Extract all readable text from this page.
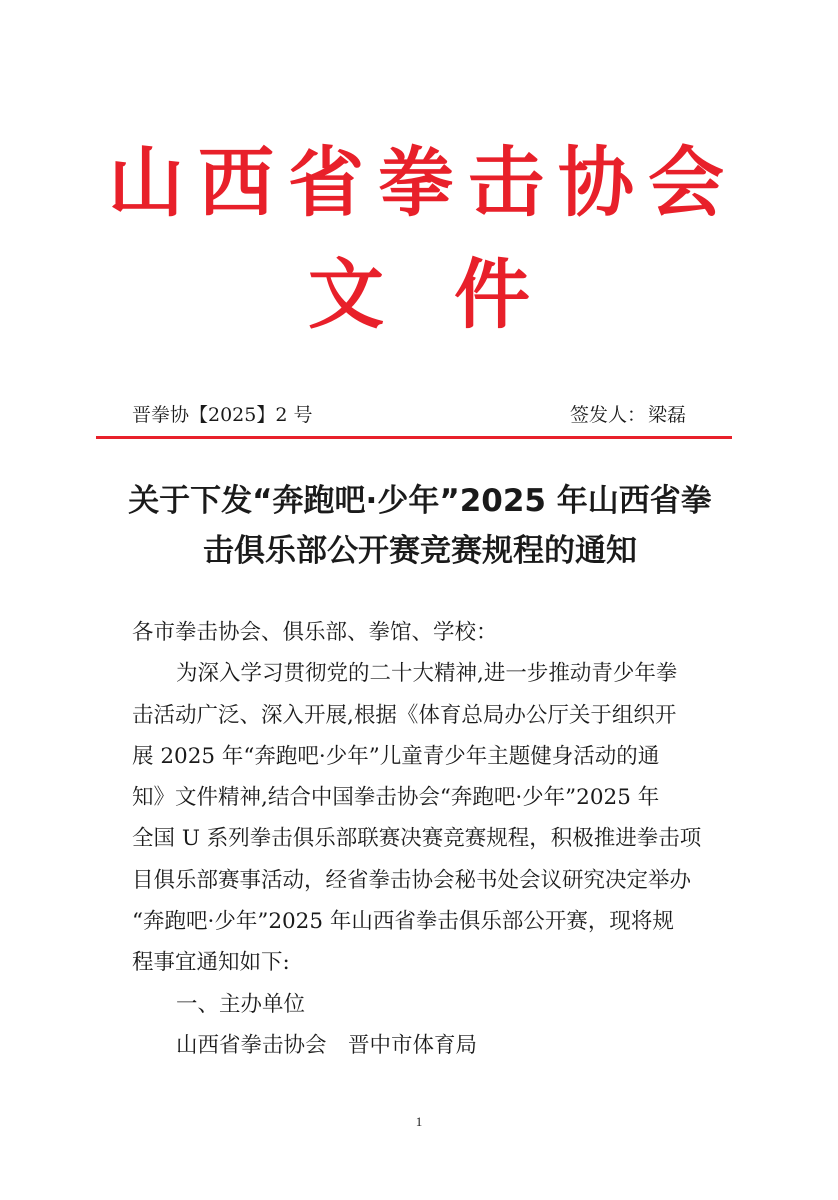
山西省拳击协会
文件
晋拳协【2025】2 号	签发人： 梁磊
关于下发“奔跑吧·少年”2025 年山西省拳
击俱乐部公开赛竞赛规程的通知

各市拳击协会、俱乐部、拳馆、学校：

为深入学习贯彻党的二十大精神,进一步推动青少年拳
击活动广泛、深入开展,根据《体育总局办公厅关于组织开
展 2025 年“奔跑吧·少年”儿童青少年主题健身活动的通
知》文件精神,结合中国拳击协会“奔跑吧·少年”2025 年
全国 U 系列拳击俱乐部联赛决赛竞赛规程，积极推进拳击项
目俱乐部赛事活动，经省拳击协会秘书处会议研究决定举办
“奔跑吧·少年”2025 年山西省拳击俱乐部公开赛，现将规
程事宜通知如下:

一、主办单位

山西省拳击协会　晋中市体育局

1
